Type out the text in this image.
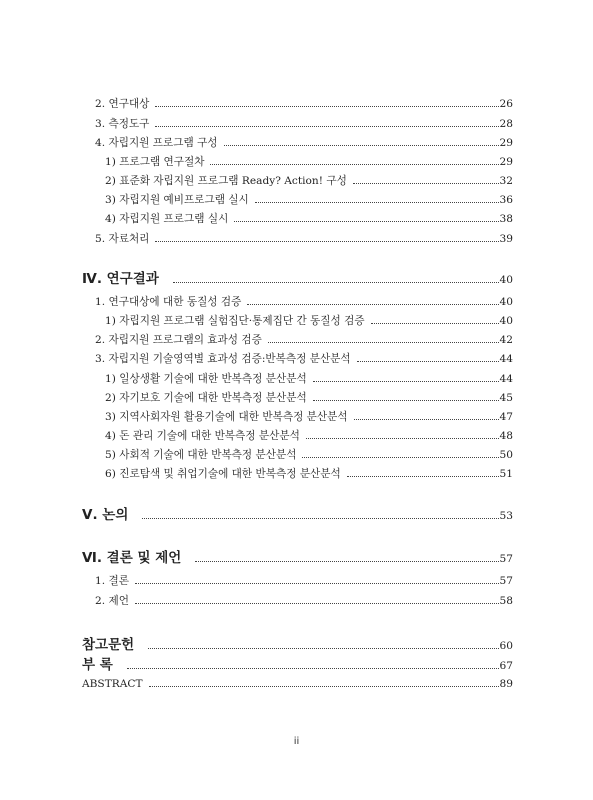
2. 연구대상	26
3. 측정도구	28
4. 자립지원 프로그램 구성	29
1) 프로그램 연구절차	29
2) 표준화 자립지원 프로그램 Ready? Action! 구성	32
3) 자립지원 예비프로그램 실시	36
4) 자립지원 프로그램 실시	38
5. 자료처리	39
Ⅳ. 연구결과	40
1. 연구대상에 대한 동질성 검증	40
1) 자립지원 프로그램 실험집단·통제집단 간 동질성 검증	40
2. 자립지원 프로그램의 효과성 검증	42
3. 자립지원 기술영역별 효과성 검증:반복측정 분산분석	44
1) 일상생활 기술에 대한 반복측정 분산분석	44
2) 자기보호 기술에 대한 반복측정 분산분석	45
3) 지역사회자원 활용기술에 대한 반복측정 분산분석	47
4) 돈 관리 기술에 대한 반복측정 분산분석	48
5) 사회적 기술에 대한 반복측정 분산분석	50
6) 진로탐색 및 취업기술에 대한 반복측정 분산분석	51
Ⅴ. 논의	53
Ⅵ. 결론 및 제언	57
1. 결론	57
2. 제언	58
참고문헌	60
부 록	67
ABSTRACT	89
ii
